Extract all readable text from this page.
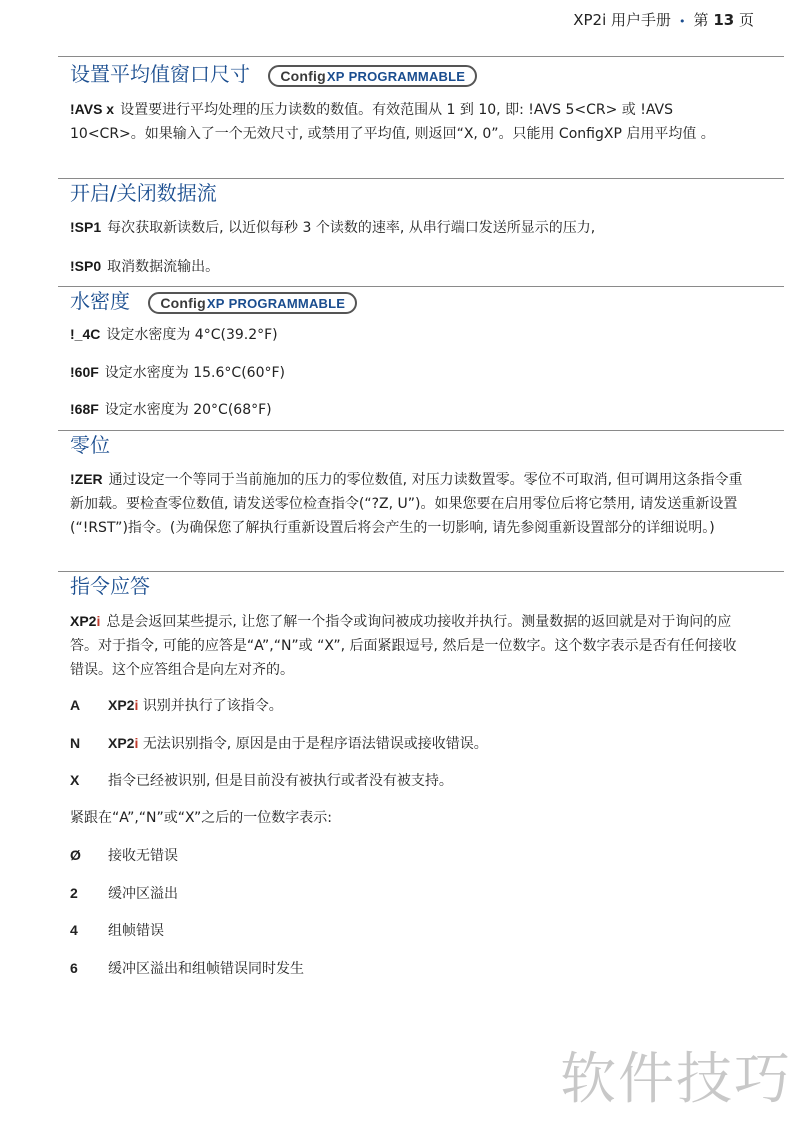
XP2i 用户手册 • 第 13 页
设置平均值窗口尺寸 ConfigXP PROGRAMMABLE
!AVS x 设置要进行平均处理的压力读数的数值。有效范围从 1 到 10, 即: !AVS 5<CR> 或 !AVS 10<CR>。如果输入了一个无效尺寸, 或禁用了平均值, 则返回“X, 0”。只能用 ConfigXP 启用平均值 。
开启/关闭数据流
!SP1 每次获取新读数后, 以近似每秒 3 个读数的速率, 从串行端口发送所显示的压力,
!SP0 取消数据流输出。
水密度 ConfigXP PROGRAMMABLE
!_4C 设定水密度为 4°C(39.2°F)
!60F 设定水密度为 15.6°C(60°F)
!68F 设定水密度为 20°C(68°F)
零位
!ZER 通过设定一个等同于当前施加的压力的零位数值, 对压力读数置零。零位不可取消, 但可调用这条指令重新加载。要检查零位数值, 请发送零位检查指令(“?Z, U”)。如果您要在启用零位后将它禁用, 请发送重新设置(“!RST”)指令。(为确保您了解执行重新设置后将会产生的一切影响, 请先参阅重新设置部分的详细说明。)
指令应答
XP2i 总是会返回某些提示, 让您了解一个指令或询问被成功接收并执行。测量数据的返回就是对于询问的应答。对于指令, 可能的应答是“A”,“N”或 “X”, 后面紧跟逗号, 然后是一位数字。这个数字表示是否有任何接收错误。这个应答组合是向左对齐的。
A XP2i 识别并执行了该指令。
N XP2i 无法识别指令, 原因是由于是程序语法错误或接收错误。
X 指令已经被识别, 但是目前没有被执行或者没有被支持。
紧跟在“A”,“N”或“X”之后的一位数字表示:
Ø 接收无错误
2 缓冲区溢出
4 组帧错误
6 缓冲区溢出和组帧错误同时发生
软件技巧
